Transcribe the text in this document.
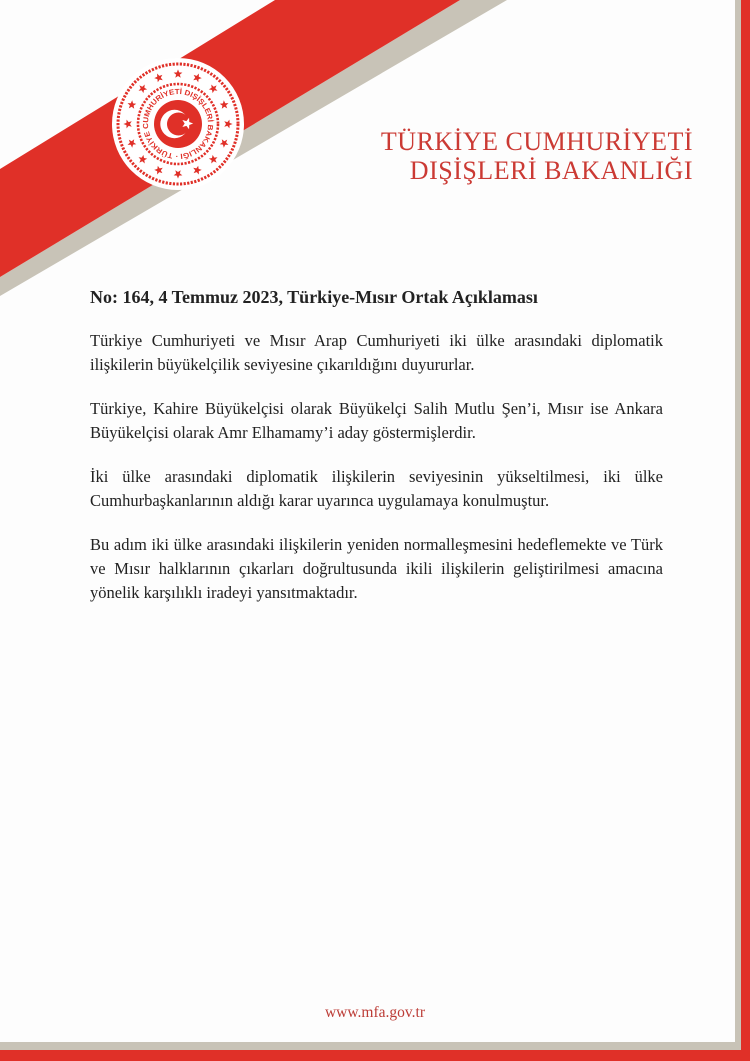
· TÜRKİYE CUMHURİYETİ DIŞİŞLERİ BAKANLIĞI
TÜRKİYE CUMHURİYETİ
DIŞİŞLERİ BAKANLIĞI

No: 164, 4 Temmuz 2023, Türkiye-Mısır Ortak Açıklaması

Türkiye Cumhuriyeti ve Mısır Arap Cumhuriyeti iki ülke arasındaki diplomatik ilişkilerin büyükelçilik seviyesine çıkarıldığını duyururlar.

Türkiye, Kahire Büyükelçisi olarak Büyükelçi Salih Mutlu Şen’i, Mısır ise Ankara Büyükelçisi olarak Amr Elhamamy’i aday göstermişlerdir.

İki ülke arasındaki diplomatik ilişkilerin seviyesinin yükseltilmesi, iki ülke Cumhurbaşkanlarının aldığı karar uyarınca uygulamaya konulmuştur.

Bu adım iki ülke arasındaki ilişkilerin yeniden normalleşmesini hedeflemekte ve Türk ve Mısır halklarının çıkarları doğrultusunda ikili ilişkilerin geliştirilmesi amacına yönelik karşılıklı iradeyi yansıtmaktadır.

www.mfa.gov.tr
